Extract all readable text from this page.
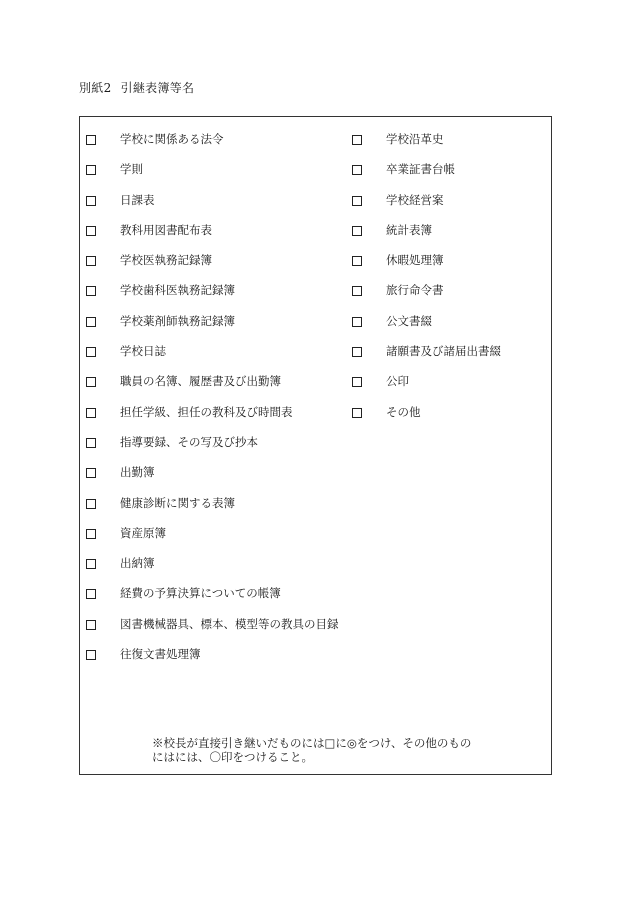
別紙2 引継表簿等名
学校に関係ある法令
学則
日課表
教科用図書配布表
学校医執務記録簿
学校歯科医執務記録簿
学校薬剤師執務記録簿
学校日誌
職員の名簿、履歴書及び出勤簿
担任学級、担任の教科及び時間表
指導要録、その写及び抄本
出勤簿
健康診断に関する表簿
資産原簿
出納簿
経費の予算決算についての帳簿
図書機械器具、標本、模型等の教具の目録
往復文書処理簿
学校沿革史
卒業証書台帳
学校経営案
統計表簿
休暇処理簿
旅行命令書
公文書綴
諸願書及び諸届出書綴
公印
その他
※校長が直接引き継いだものには□に◎をつけ、その他のもの
にはには、〇印をつけること。
